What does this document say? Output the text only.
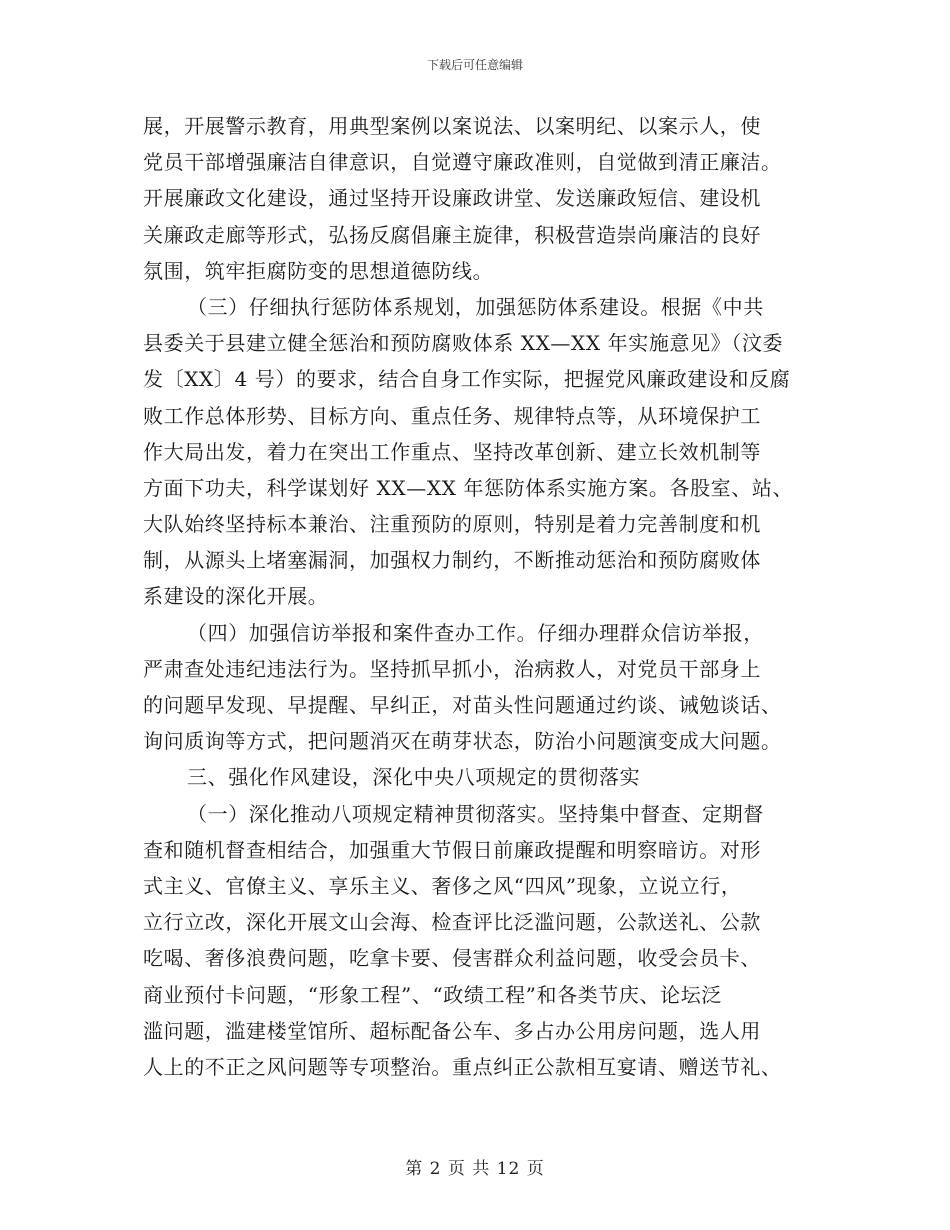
下载后可任意编辑
展，开展警示教育，用典型案例以案说法、以案明纪、以案示人，使
党员干部增强廉洁自律意识，自觉遵守廉政准则，自觉做到清正廉洁。
开展廉政文化建设，通过坚持开设廉政讲堂、发送廉政短信、建设机
关廉政走廊等形式，弘扬反腐倡廉主旋律，积极营造崇尚廉洁的良好
氛围，筑牢拒腐防变的思想道德防线。
（三）仔细执行惩防体系规划，加强惩防体系建设。根据《中共
县委关于县建立健全惩治和预防腐败体系 XX—XX 年实施意见》（汶委
发〔XX〕4 号）的要求，结合自身工作实际，把握党风廉政建设和反腐
败工作总体形势、目标方向、重点任务、规律特点等，从环境保护工
作大局出发，着力在突出工作重点、坚持改革创新、建立长效机制等
方面下功夫，科学谋划好 XX—XX 年惩防体系实施方案。各股室、站、
大队始终坚持标本兼治、注重预防的原则，特别是着力完善制度和机
制，从源头上堵塞漏洞，加强权力制约，不断推动惩治和预防腐败体
系建设的深化开展。
（四）加强信访举报和案件查办工作。仔细办理群众信访举报，
严肃查处违纪违法行为。坚持抓早抓小，治病救人，对党员干部身上
的问题早发现、早提醒、早纠正，对苗头性问题通过约谈、诫勉谈话、
询问质询等方式，把问题消灭在萌芽状态，防治小问题演变成大问题。
三、强化作风建设，深化中央八项规定的贯彻落实
（一）深化推动八项规定精神贯彻落实。坚持集中督查、定期督
查和随机督查相结合，加强重大节假日前廉政提醒和明察暗访。对形
式主义、官僚主义、享乐主义、奢侈之风“四风”现象，立说立行，
立行立改，深化开展文山会海、检查评比泛滥问题，公款送礼、公款
吃喝、奢侈浪费问题，吃拿卡要、侵害群众利益问题，收受会员卡、
商业预付卡问题，“形象工程”、“政绩工程”和各类节庆、论坛泛
滥问题，滥建楼堂馆所、超标配备公车、多占办公用房问题，选人用
人上的不正之风问题等专项整治。重点纠正公款相互宴请、赠送节礼、
第 2 页 共 12 页
